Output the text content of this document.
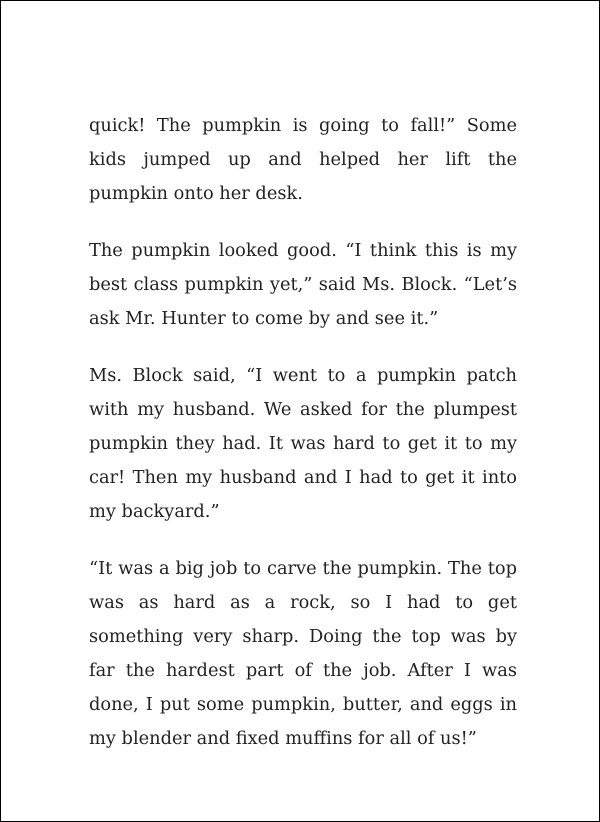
quick! The pumpkin is going to fall!” Some kids jumped up and helped her lift the pumpkin onto her desk.

The pumpkin looked good. “I think this is my best class pumpkin yet,” said Ms. Block. “Let’s ask Mr. Hunter to come by and see it.”

Ms. Block said, “I went to a pumpkin patch with my husband. We asked for the plumpest pumpkin they had. It was hard to get it to my car! Then my husband and I had to get it into my backyard.”

“It was a big job to carve the pumpkin. The top was as hard as a rock, so I had to get something very sharp. Doing the top was by far the hardest part of the job. After I was done, I put some pumpkin, butter, and eggs in my blender and fixed muffins for all of us!”
